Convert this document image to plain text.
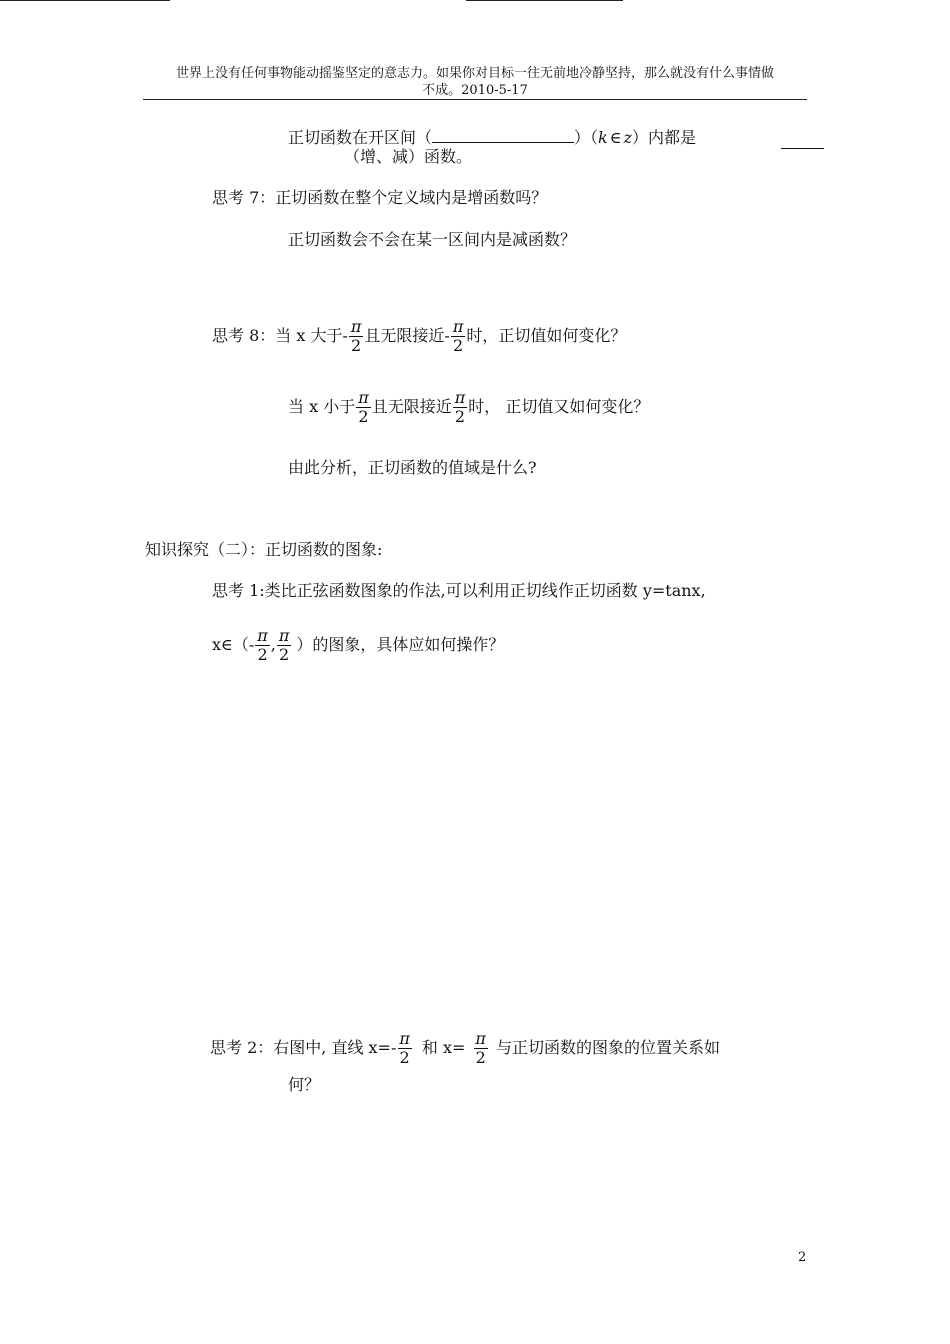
世界上没有任何事物能动摇鉴坚定的意志力。如果你对目标一往无前地冷静坚持，那么就没有什么事情做
不成。2010-5-17
正切函数在开区间（	）（k ∈ z）内都是
（增、减）函数。
思考 7：正切函数在整个定义域内是增函数吗？
正切函数会不会在某一区间内是减函数？
思考 8：当 x 大于- $\frac{\pi}{2}$ 且无限接近- $\frac{\pi}{2}$ 时，正切值如何变化？
当 x 小于 $\frac{\pi}{2}$ 且无限接近 $\frac{\pi}{2}$ 时， 正切值又如何变化？
由此分析，正切函数的值域是什么?
知识探究（二）：正切函数的图象:
思考 1:类比正弦函数图象的作法,可以利用正切线作正切函数 y=tanx,
x∈（- $\frac{\pi}{2}$ , $\frac{\pi}{2}$ ）的图象，具体应如何操作？
思考 2：右图中, 直线 $x=- \frac{\pi}{2}$ 和 $x= \frac{\pi}{2}$ 与正切函数的图象的位置关系如
何？
2
